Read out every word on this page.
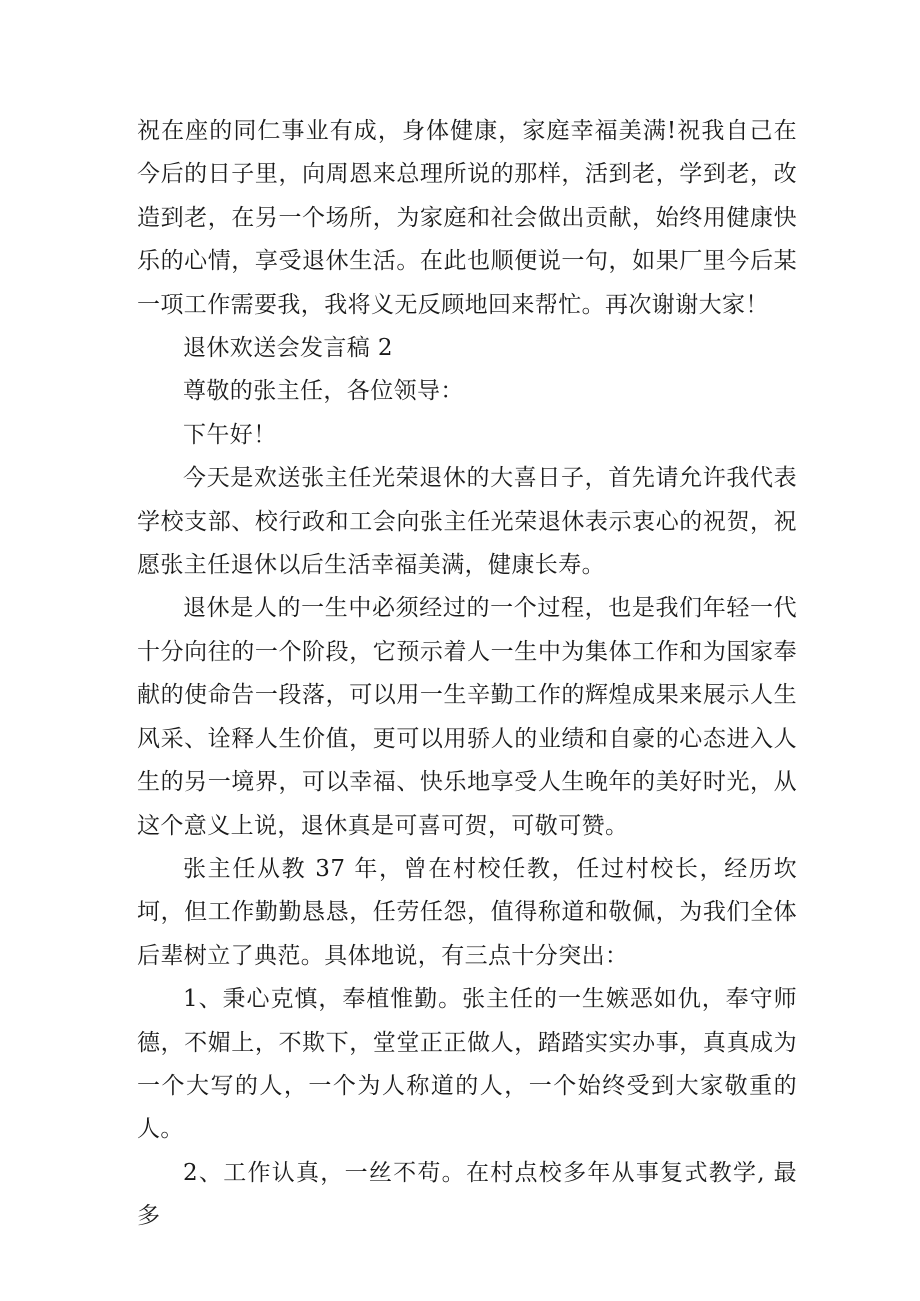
祝在座的同仁事业有成，身体健康，家庭幸福美满!祝我自己在今后的日子里，向周恩来总理所说的那样，活到老，学到老，改造到老，在另一个场所，为家庭和社会做出贡献，始终用健康快乐的心情，享受退休生活。在此也顺便说一句，如果厂里今后某一项工作需要我，我将义无反顾地回来帮忙。再次谢谢大家！

退休欢送会发言稿 2

尊敬的张主任，各位领导：

下午好！

今天是欢送张主任光荣退休的大喜日子，首先请允许我代表学校支部、校行政和工会向张主任光荣退休表示衷心的祝贺，祝愿张主任退休以后生活幸福美满，健康长寿。

退休是人的一生中必须经过的一个过程，也是我们年轻一代十分向往的一个阶段，它预示着人一生中为集体工作和为国家奉献的使命告一段落，可以用一生辛勤工作的辉煌成果来展示人生风采、诠释人生价值，更可以用骄人的业绩和自豪的心态进入人生的另一境界，可以幸福、快乐地享受人生晚年的美好时光，从这个意义上说，退休真是可喜可贺，可敬可赞。

张主任从教 37 年，曾在村校任教，任过村校长，经历坎坷，但工作勤勤恳恳，任劳任怨，值得称道和敬佩，为我们全体后辈树立了典范。具体地说，有三点十分突出：

1、秉心克慎，奉植惟勤。张主任的一生嫉恶如仇，奉守师德，不媚上，不欺下，堂堂正正做人，踏踏实实办事，真真成为一个大写的人，一个为人称道的人，一个始终受到大家敬重的人。

2、工作认真，一丝不苟。在村点校多年从事复式教学, 最多
